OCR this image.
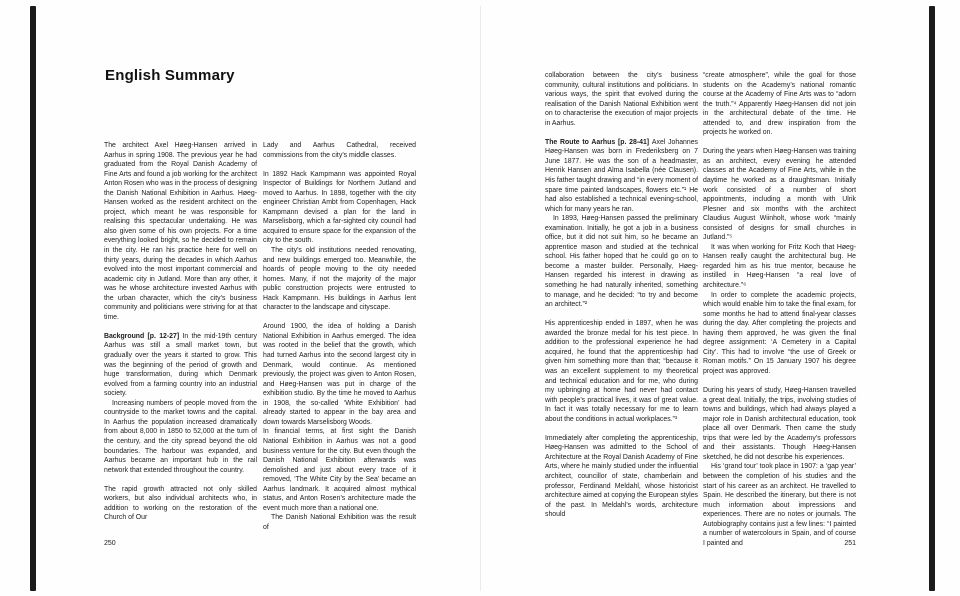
English Summary

The architect Axel Høeg-Hansen arrived in Aarhus in spring 1908. The previous year he had graduated from the Royal Danish Academy of Fine Arts and found a job working for the architect Anton Rosen who was in the process of designing the Danish National Exhibition in Aarhus. Høeg-Hansen worked as the resident architect on the project, which meant he was responsible for realising this spectacular undertaking. He was also given some of his own projects. For a time everything looked bright, so he decided to remain in the city. He ran his practice here for well on thirty years, during the decades in which Aarhus evolved into the most important commercial and academic city in Jutland. More than any other, it was he whose architecture invested Aarhus with the urban character, which the city’s business community and politicians were striving for at that time.

Background [p. 12-27] In the mid-19th century Aarhus was still a small market town, but gradually over the years it started to grow. This was the beginning of the period of growth and huge transformation, during which Denmark evolved from a farming country into an industrial society.

Increasing numbers of people moved from the countryside to the market towns and the capital. In Aarhus the population increased dramatically from about 8,000 in 1850 to 52,000 at the turn of the century, and the city spread beyond the old boundaries. The harbour was expanded, and Aarhus became an important hub in the rail network that extended throughout the country.

The rapid growth attracted not only skilled workers, but also individual architects who, in addition to working on the restoration of the Church of Our

Lady and Aarhus Cathedral, received commissions from the city’s middle classes.

In 1892 Hack Kampmann was appointed Royal Inspector of Buildings for Northern Jutland and moved to Aarhus. In 1898, together with the city engineer Christian Ambt from Copenhagen, Hack Kampmann devised a plan for the land in Marselisborg, which a far-sighted city council had acquired to ensure space for the expansion of the city to the south.

The city’s old institutions needed renovating, and new buildings emerged too. Meanwhile, the hoards of people moving to the city needed homes. Many, if not the majority of the major public construction projects were entrusted to Hack Kampmann. His buildings in Aarhus lent character to the landscape and cityscape.

Around 1900, the idea of holding a Danish National Exhibition in Aarhus emerged. The idea was rooted in the belief that the growth, which had turned Aarhus into the second largest city in Denmark, would continue. As mentioned previously, the project was given to Anton Rosen, and Høeg-Hansen was put in charge of the exhibition studio. By the time he moved to Aarhus in 1908, the so-called ‘White Exhibition’ had already started to appear in the bay area and down towards Marselisborg Woods.

In financial terms, at first sight the Danish National Exhibition in Aarhus was not a good business venture for the city. But even though the Danish National Exhibition afterwards was demolished and just about every trace of it removed, ‘The White City by the Sea’ became an Aarhus landmark. It acquired almost mythical status, and Anton Rosen’s architecture made the event much more than a national one.

The Danish National Exhibition was the result of

collaboration between the city’s business community, cultural institutions and politicians. In various ways, the spirit that evolved during the realisation of the Danish National Exhibition went on to characterise the execution of major projects in Aarhus.

The Route to Aarhus [p. 28-41] Axel Johannes Høeg-Hansen was born in Frederiksberg on 7 June 1877. He was the son of a headmaster, Henrik Hansen and Alma Isabella (née Clausen). His father taught drawing and “in every moment of spare time painted landscapes, flowers etc.”¹ He had also established a technical evening-school, which for many years he ran.

In 1893, Høeg-Hansen passed the preliminary examination. Initially, he got a job in a business office, but it did not suit him, so he became an apprentice mason and studied at the technical school. His father hoped that he could go on to become a master builder. Personally, Høeg-Hansen regarded his interest in drawing as something he had naturally inherited, something to manage, and he decided: “to try and become an architect.”²

His apprenticeship ended in 1897, when he was awarded the bronze medal for his test piece. In addition to the professional experience he had acquired, he found that the apprenticeship had given him something more than that; “because it was an excellent supplement to my theoretical and technical education and for me, who during my upbringing at home had never had contact with people’s practical lives, it was of great value. In fact it was totally necessary for me to learn about the conditions in actual workplaces.”³

Immediately after completing the apprenticeship, Høeg-Hansen was admitted to the School of Architecture at the Royal Danish Academy of Fine Arts, where he mainly studied under the influential architect, councillor of state, chamberlain and professor, Ferdinand Meldahl, whose historicist architecture aimed at copying the European styles of the past. In Meldahl’s words, architecture should

“create atmosphere”, while the goal for those students on the Academy’s national romantic course at the Academy of Fine Arts was to “adorn the truth.”⁴ Apparently Høeg-Hansen did not join in the architectural debate of the time. He attended to, and drew inspiration from the projects he worked on.

During the years when Høeg-Hansen was training as an architect, every evening he attended classes at the Academy of Fine Arts, while in the daytime he worked as a draughtsman. Initially work consisted of a number of short appointments, including a month with Ulrik Plesner and six months with the architect Claudius August Wiinholt, whose work “mainly consisted of designs for small churches in Jutland.”⁵

It was when working for Fritz Koch that Høeg-Hansen really caught the architectural bug. He regarded him as his true mentor, because he instilled in Høeg-Hansen “a real love of architecture.”⁶

In order to complete the academic projects, which would enable him to take the final exam, for some months he had to attend final-year classes during the day. After completing the projects and having them approved, he was given the final degree assignment: ‘A Cemetery in a Capital City’. This had to involve “the use of Greek or Roman motifs.” On 15 January 1907 his degree project was approved.

During his years of study, Høeg-Hansen travelled a great deal. Initially, the trips, involving studies of towns and buildings, which had always played a major role in Danish architectural education, took place all over Denmark. Then came the study trips that were led by the Academy’s professors and their assistants. Though Høeg-Hansen sketched, he did not describe his experiences.

His ‘grand tour’ took place in 1907: a ‘gap year’ between the completion of his studies and the start of his career as an architect. He travelled to Spain. He described the itinerary, but there is not much information about impressions and experiences. There are no notes or journals. The Autobiography contains just a few lines: “I painted a number of watercolours in Spain, and of course I painted and

250	251
